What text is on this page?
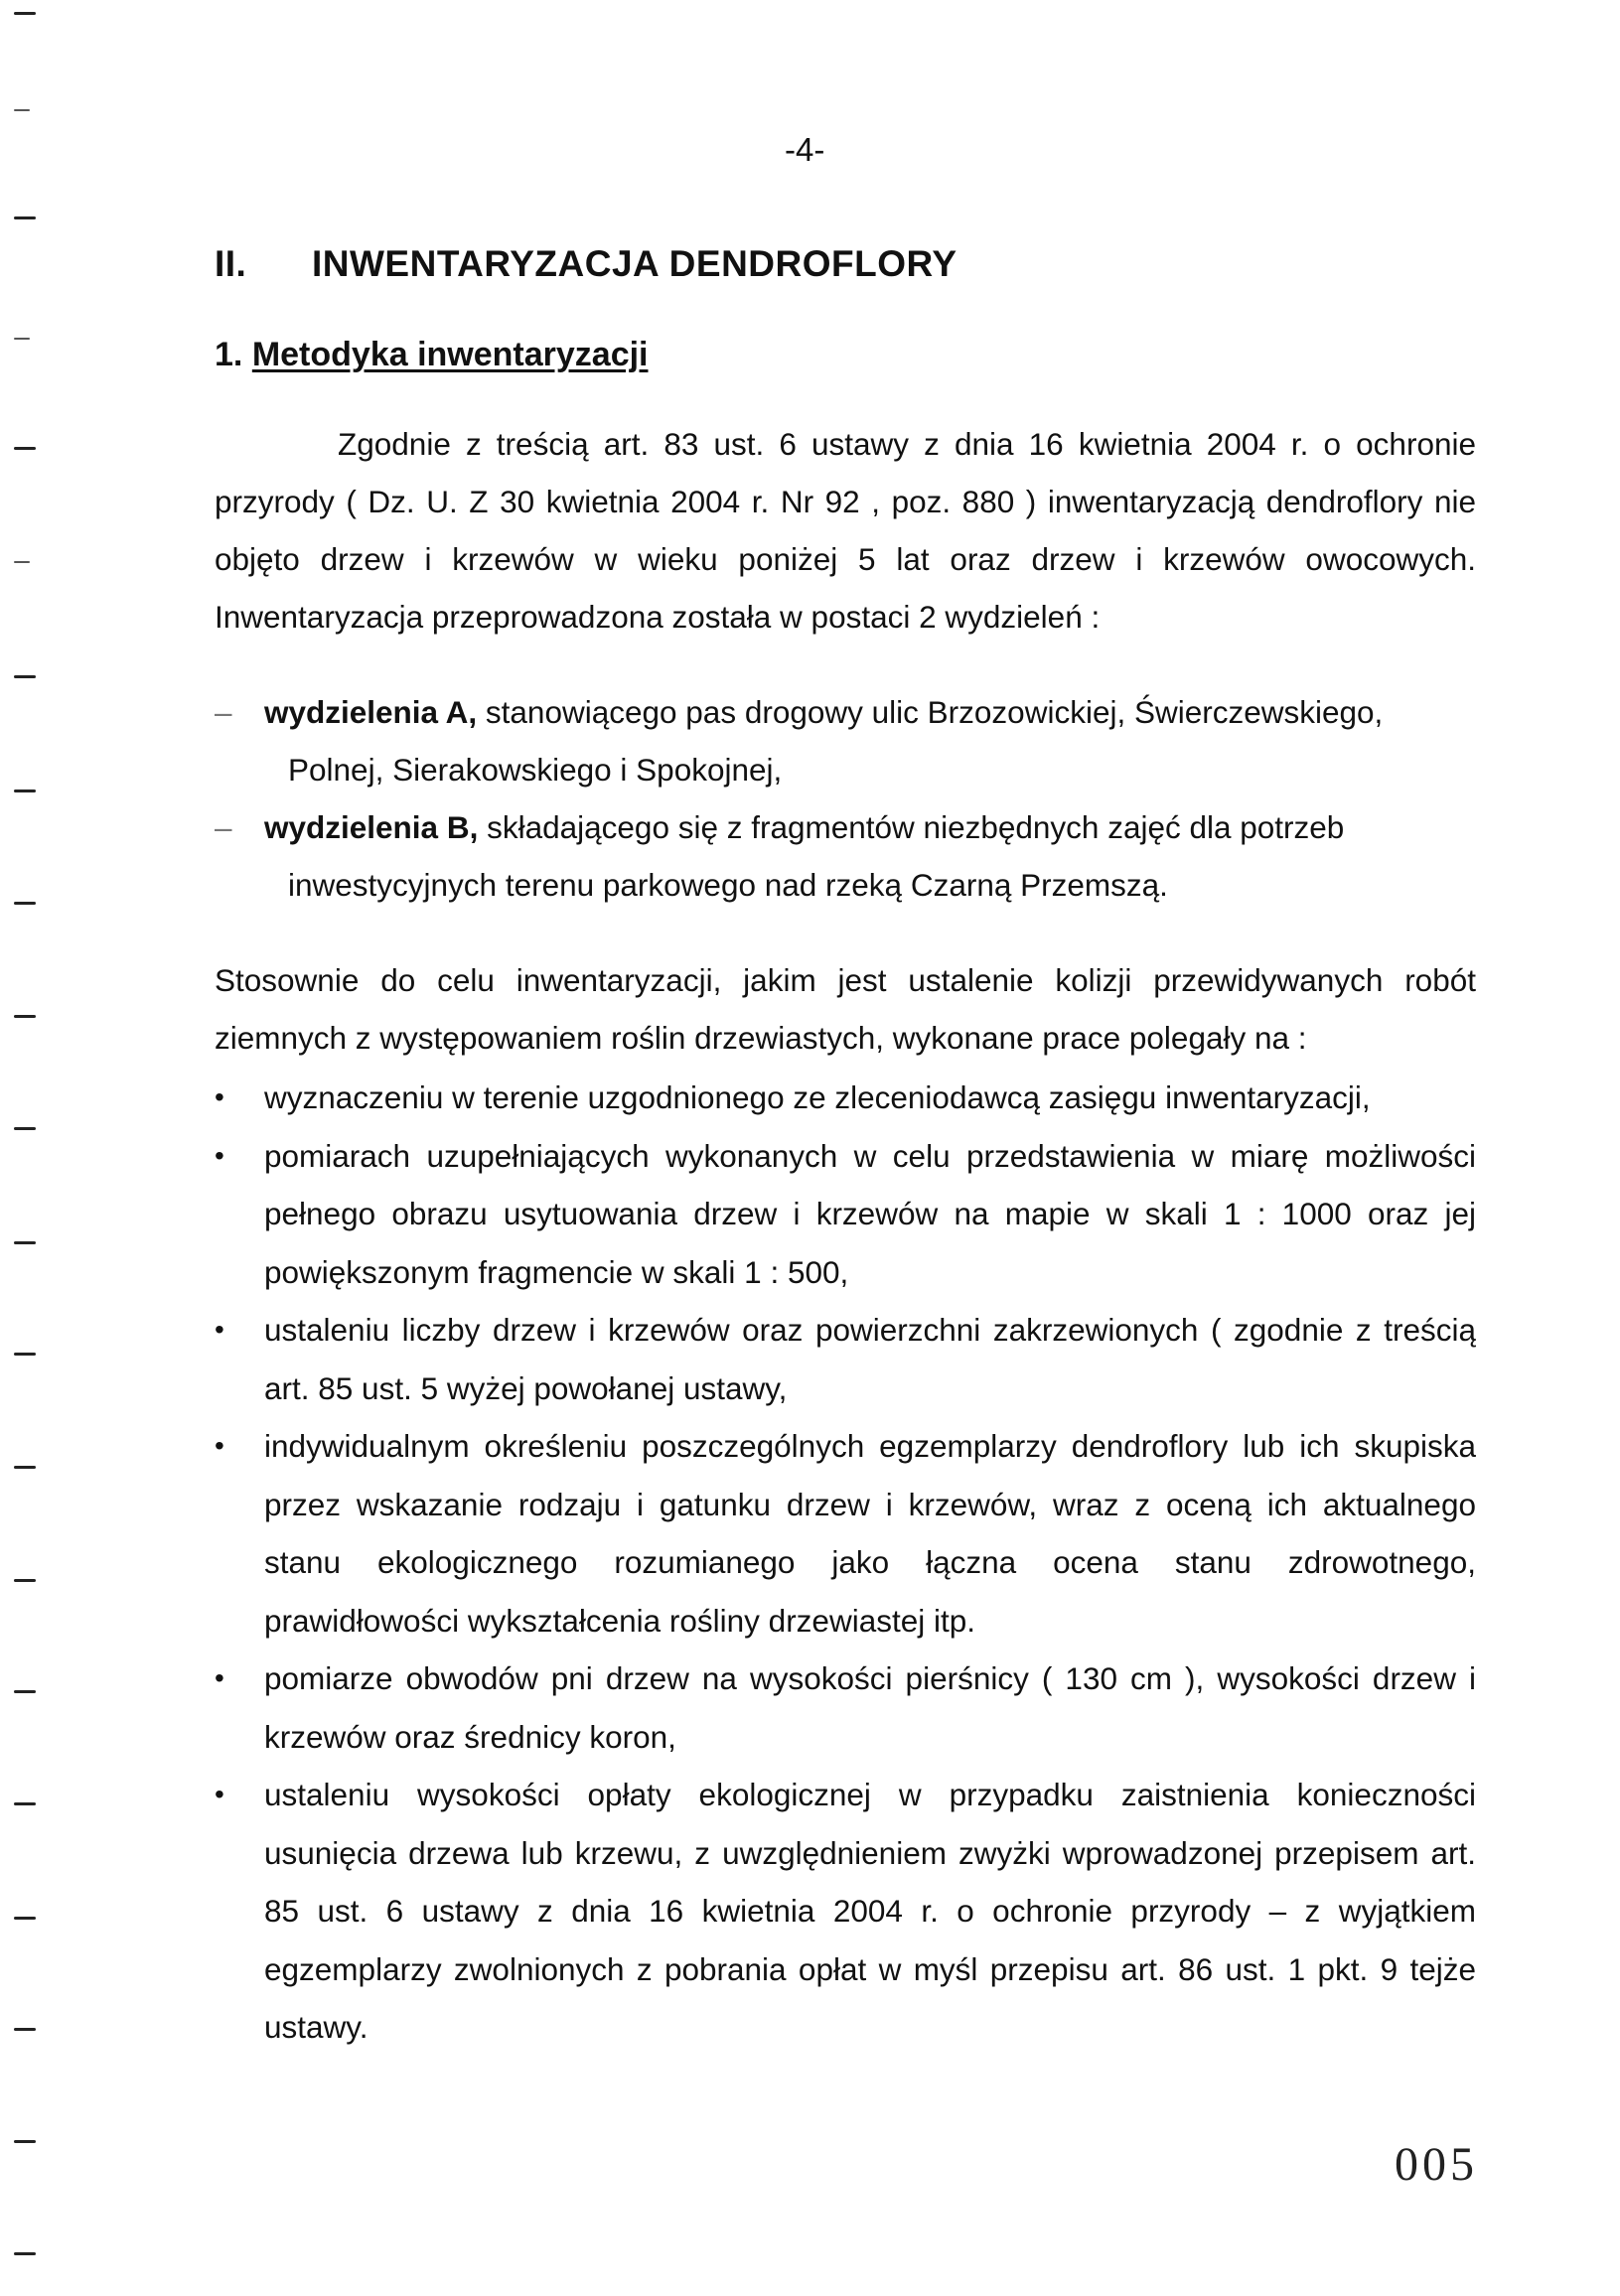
-4-
II. INWENTARYZACJA DENDROFLORY
1. Metodyka inwentaryzacji

Zgodnie z treścią art. 83 ust. 6 ustawy z dnia 16 kwietnia 2004 r. o ochronie przyrody ( Dz. U. Z 30 kwietnia 2004 r. Nr 92 , poz. 880 ) inwentaryzacją dendroflory nie objęto drzew i krzewów w wieku poniżej 5 lat oraz drzew i krzewów owocowych. Inwentaryzacja przeprowadzona została w postaci 2 wydzieleń :

– wydzielenia A, stanowiącego pas drogowy ulic Brzozowickiej, Świerczewskiego,
Polnej, Sierakowskiego i Spokojnej,
– wydzielenia B, składającego się z fragmentów niezbędnych zajęć dla potrzeb
inwestycyjnych terenu parkowego nad rzeką Czarną Przemszą.

Stosownie do celu inwentaryzacji, jakim jest ustalenie kolizji przewidywanych robót ziemnych z występowaniem roślin drzewiastych, wykonane prace polegały na :

• wyznaczeniu w terenie uzgodnionego ze zleceniodawcą zasięgu inwentaryzacji,
• pomiarach uzupełniających wykonanych w celu przedstawienia w miarę możliwości pełnego obrazu usytuowania drzew i krzewów na mapie w skali 1 : 1000 oraz jej powiększonym fragmencie w skali 1 : 500,
• ustaleniu liczby drzew i krzewów oraz powierzchni zakrzewionych ( zgodnie z treścią art. 85 ust. 5 wyżej powołanej ustawy,
• indywidualnym określeniu poszczególnych egzemplarzy dendroflory lub ich skupiska przez wskazanie rodzaju i gatunku drzew i krzewów, wraz z oceną ich aktualnego stanu ekologicznego rozumianego jako łączna ocena stanu zdrowotnego, prawidłowości wykształcenia rośliny drzewiastej itp.
• pomiarze obwodów pni drzew na wysokości pierśnicy ( 130 cm ), wysokości drzew i krzewów oraz średnicy koron,
• ustaleniu wysokości opłaty ekologicznej w przypadku zaistnienia konieczności usunięcia drzewa lub krzewu, z uwzględnieniem zwyżki wprowadzonej przepisem art. 85 ust. 6 ustawy z dnia 16 kwietnia 2004 r. o ochronie przyrody – z wyjątkiem egzemplarzy zwolnionych z pobrania opłat w myśl przepisu art. 86 ust. 1 pkt. 9 tejże ustawy.
005
